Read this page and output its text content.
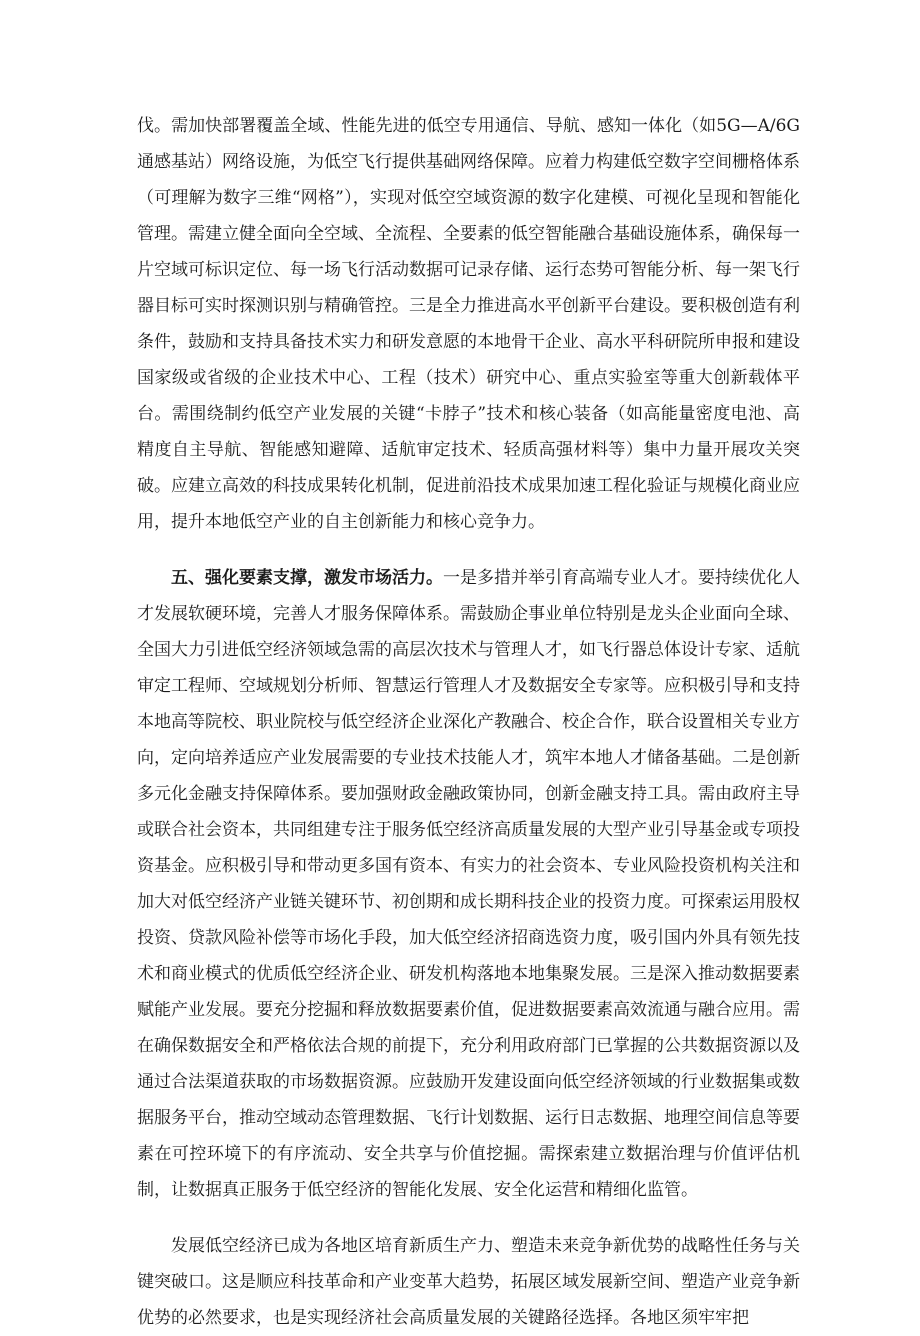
伐。需加快部署覆盖全域、性能先进的低空专用通信、导航、感知一体化（如5G—A/6G通感基站）网络设施，为低空飞行提供基础网络保障。应着力构建低空数字空间栅格体系（可理解为数字三维“网格”），实现对低空空域资源的数字化建模、可视化呈现和智能化管理。需建立健全面向全空域、全流程、全要素的低空智能融合基础设施体系，确保每一片空域可标识定位、每一场飞行活动数据可记录存储、运行态势可智能分析、每一架飞行器目标可实时探测识别与精确管控。三是全力推进高水平创新平台建设。要积极创造有利条件，鼓励和支持具备技术实力和研发意愿的本地骨干企业、高水平科研院所申报和建设国家级或省级的企业技术中心、工程（技术）研究中心、重点实验室等重大创新载体平台。需围绕制约低空产业发展的关键“卡脖子”技术和核心装备（如高能量密度电池、高精度自主导航、智能感知避障、适航审定技术、轻质高强材料等）集中力量开展攻关突破。应建立高效的科技成果转化机制，促进前沿技术成果加速工程化验证与规模化商业应用，提升本地低空产业的自主创新能力和核心竞争力。

五、强化要素支撑，激发市场活力。一是多措并举引育高端专业人才。要持续优化人才发展软硬环境，完善人才服务保障体系。需鼓励企事业单位特别是龙头企业面向全球、全国大力引进低空经济领域急需的高层次技术与管理人才，如飞行器总体设计专家、适航审定工程师、空域规划分析师、智慧运行管理人才及数据安全专家等。应积极引导和支持本地高等院校、职业院校与低空经济企业深化产教融合、校企合作，联合设置相关专业方向，定向培养适应产业发展需要的专业技术技能人才，筑牢本地人才储备基础。二是创新多元化金融支持保障体系。要加强财政金融政策协同，创新金融支持工具。需由政府主导或联合社会资本，共同组建专注于服务低空经济高质量发展的大型产业引导基金或专项投资基金。应积极引导和带动更多国有资本、有实力的社会资本、专业风险投资机构关注和加大对低空经济产业链关键环节、初创期和成长期科技企业的投资力度。可探索运用股权投资、贷款风险补偿等市场化手段，加大低空经济招商选资力度，吸引国内外具有领先技术和商业模式的优质低空经济企业、研发机构落地本地集聚发展。三是深入推动数据要素赋能产业发展。要充分挖掘和释放数据要素价值，促进数据要素高效流通与融合应用。需在确保数据安全和严格依法合规的前提下，充分利用政府部门已掌握的公共数据资源以及通过合法渠道获取的市场数据资源。应鼓励开发建设面向低空经济领域的行业数据集或数据服务平台，推动空域动态管理数据、飞行计划数据、运行日志数据、地理空间信息等要素在可控环境下的有序流动、安全共享与价值挖掘。需探索建立数据治理与价值评估机制，让数据真正服务于低空经济的智能化发展、安全化运营和精细化监管。

发展低空经济已成为各地区培育新质生产力、塑造未来竞争新优势的战略性任务与关键突破口。这是顺应科技革命和产业变革大趋势，拓展区域发展新空间、塑造产业竞争新优势的必然要求，也是实现经济社会高质量发展的关键路径选择。各地区须牢牢把
